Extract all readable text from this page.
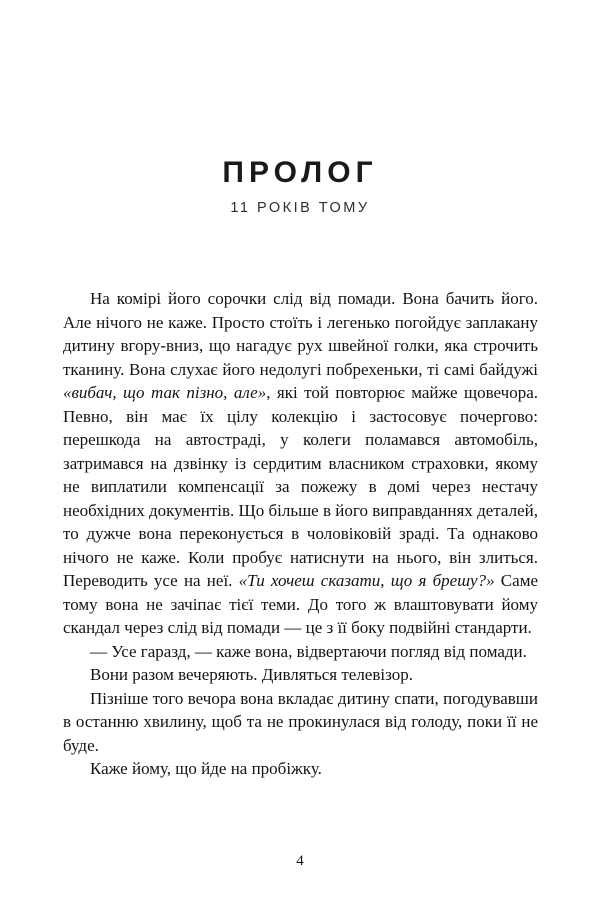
ПРОЛОГ
11 РОКІВ ТОМУ

На комірі його сорочки слід від помади. Вона бачить його. Але нічого не каже. Просто стоїть і легенько погойдує заплакану дитину вгору-вниз, що нагадує рух швейної голки, яка строчить тканину. Вона слухає його недолугі побрехеньки, ті самі байдужі «вибач, що так пізно, але», які той повторює майже щовечора. Певно, він має їх цілу колекцію і застосовує почергово: перешкода на автостраді, у колеги поламався автомобіль, затримався на дзвінку із сердитим власником страховки, якому не виплатили компенсації за пожежу в домі через нестачу необхідних документів. Що більше в його виправданнях деталей, то дужче вона переконується в чоловіковій зраді. Та однаково нічого не каже. Коли пробує натиснути на нього, він злиться. Переводить усе на неї. «Ти хочеш сказати, що я брешу?» Саме тому вона не зачіпає тієї теми. До того ж влаштовувати йому скандал через слід від помади — це з її боку подвійні стандарти.

— Усе гаразд, — каже вона, відвертаючи погляд від помади.

Вони разом вечеряють. Дивляться телевізор.

Пізніше того вечора вона вкладає дитину спати, погодувавши в останню хвилину, щоб та не прокинулася від голоду, поки її не буде.

Каже йому, що йде на пробіжку.

4
